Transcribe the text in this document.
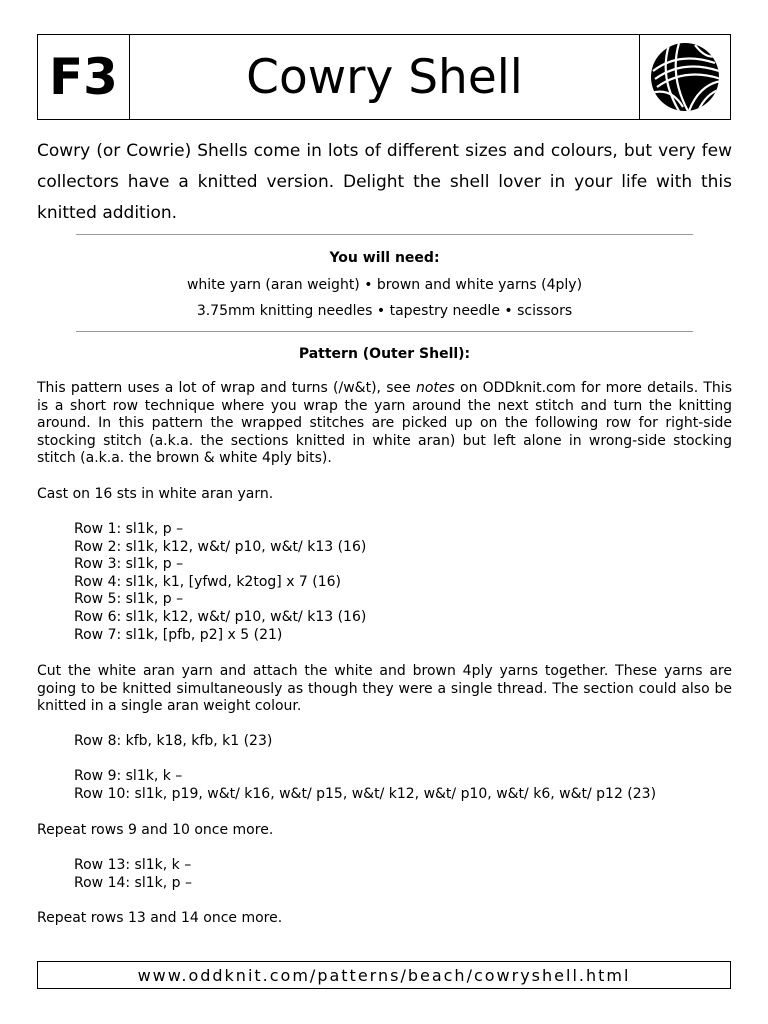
F3	Cowry Shell

Cowry (or Cowrie) Shells come in lots of different sizes and colours, but very few collectors have a knitted version. Delight the shell lover in your life with this knitted addition.

You will need:
white yarn (aran weight) • brown and white yarns (4ply)
3.75mm knitting needles • tapestry needle • scissors
Pattern (Outer Shell):

This pattern uses a lot of wrap and turns (/w&t), see notes on ODDknit.com for more details. This is a short row technique where you wrap the yarn around the next stitch and turn the knitting around. In this pattern the wrapped stitches are picked up on the following row for right-side stocking stitch (a.k.a. the sections knitted in white aran) but left alone in wrong-side stocking stitch (a.k.a. the brown & white 4ply bits).

Cast on 16 sts in white aran yarn.

Row 1: sl1k, p –
Row 2: sl1k, k12, w&t/ p10, w&t/ k13 (16)
Row 3: sl1k, p –
Row 4: sl1k, k1, [yfwd, k2tog] x 7 (16)
Row 5: sl1k, p –
Row 6: sl1k, k12, w&t/ p10, w&t/ k13 (16)
Row 7: sl1k, [pfb, p2] x 5 (21)

Cut the white aran yarn and attach the white and brown 4ply yarns together. These yarns are going to be knitted simultaneously as though they were a single thread. The section could also be knitted in a single aran weight colour.

Row 8: kfb, k18, kfb, k1 (23)
Row 9: sl1k, k –
Row 10: sl1k, p19, w&t/ k16, w&t/ p15, w&t/ k12, w&t/ p10, w&t/ k6, w&t/ p12 (23)

Repeat rows 9 and 10 once more.

Row 13: sl1k, k –
Row 14: sl1k, p –

Repeat rows 13 and 14 once more.

www.oddknit.com/patterns/beach/cowryshell.html
